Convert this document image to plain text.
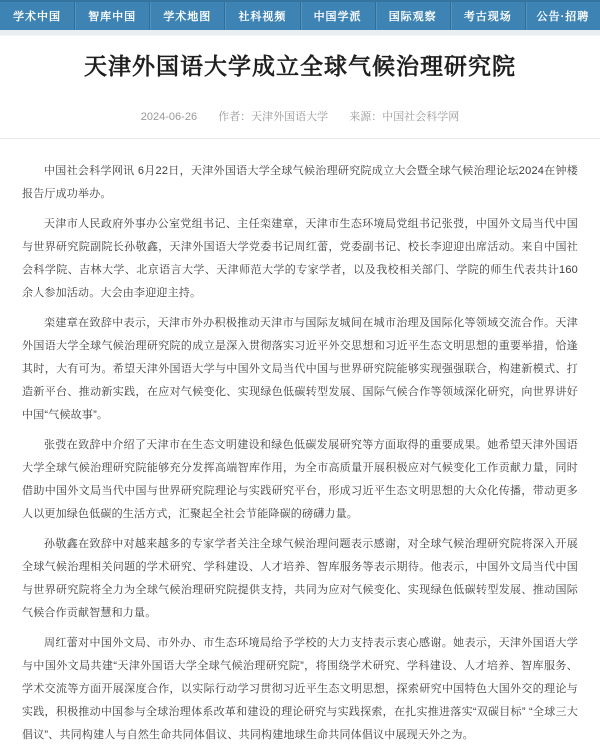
学术中国	智库中国	学术地图	社科视频	中国学派	国际观察	考古现场	公告·招聘
天津外国语大学成立全球气候治理研究院
2024-06-26 作者：天津外国语大学 来源：中国社会科学网

中国社会科学网讯 6月22日，天津外国语大学全球气候治理研究院成立大会暨全球气候治理论坛2024在钟楼报告厅成功举办。

天津市人民政府外事办公室党组书记、主任栾建章，天津市生态环境局党组书记张弢，中国外文局当代中国与世界研究院副院长孙敬鑫，天津外国语大学党委书记周红蕾，党委副书记、校长李迎迎出席活动。来自中国社会科学院、吉林大学、北京语言大学、天津师范大学的专家学者，以及我校相关部门、学院的师生代表共计160余人参加活动。大会由李迎迎主持。

栾建章在致辞中表示，天津市外办积极推动天津市与国际友城间在城市治理及国际化等领域交流合作。天津外国语大学全球气候治理研究院的成立是深入贯彻落实习近平外交思想和习近平生态文明思想的重要举措，恰逢其时，大有可为。希望天津外国语大学与中国外文局当代中国与世界研究院能够实现强强联合，构建新模式、打造新平台、推动新实践，在应对气候变化、实现绿色低碳转型发展、国际气候合作等领域深化研究，向世界讲好中国“气候故事”。

张弢在致辞中介绍了天津市在生态文明建设和绿色低碳发展研究等方面取得的重要成果。她希望天津外国语大学全球气候治理研究院能够充分发挥高端智库作用，为全市高质量开展积极应对气候变化工作贡献力量，同时借助中国外文局当代中国与世界研究院理论与实践研究平台，形成习近平生态文明思想的大众化传播，带动更多人以更加绿色低碳的生活方式，汇聚起全社会节能降碳的磅礴力量。

孙敬鑫在致辞中对越来越多的专家学者关注全球气候治理问题表示感谢，对全球气候治理研究院将深入开展全球气候治理相关问题的学术研究、学科建设、人才培养、智库服务等表示期待。他表示，中国外文局当代中国与世界研究院将全力为全球气候治理研究院提供支持，共同为应对气候变化、实现绿色低碳转型发展、推动国际气候合作贡献智慧和力量。

周红蕾对中国外文局、市外办、市生态环境局给予学校的大力支持表示衷心感谢。她表示，天津外国语大学与中国外文局共建“天津外国语大学全球气候治理研究院”，将围绕学术研究、学科建设、人才培养、智库服务、学术交流等方面开展深度合作，以实际行动学习贯彻习近平生态文明思想，探索研究中国特色大国外交的理论与实践，积极推动中国参与全球治理体系改革和建设的理论研究与实践探索，在扎实推进落实“双碳目标” “全球三大倡议”、共同构建人与自然生命共同体倡议、共同构建地球生命共同体倡议中展现天外之为。
